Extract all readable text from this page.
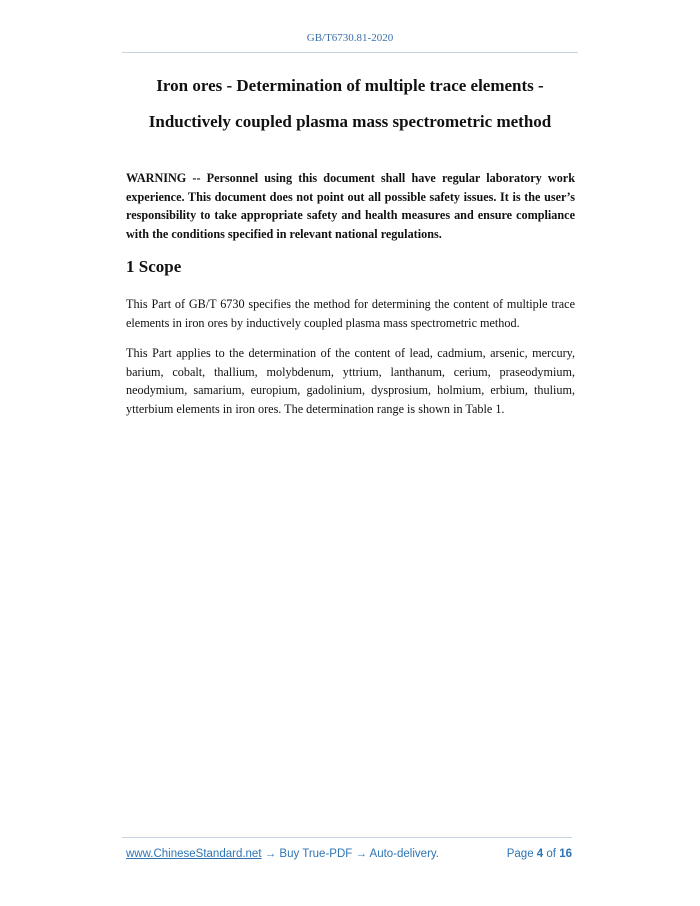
GB/T6730.81-2020
Iron ores - Determination of multiple trace elements -
Inductively coupled plasma mass spectrometric method

WARNING -- Personnel using this document shall have regular laboratory work experience. This document does not point out all possible safety issues. It is the user’s responsibility to take appropriate safety and health measures and ensure compliance with the conditions specified in relevant national regulations.

1 Scope

This Part of GB/T 6730 specifies the method for determining the content of multiple trace elements in iron ores by inductively coupled plasma mass spectrometric method.

This Part applies to the determination of the content of lead, cadmium, arsenic, mercury, barium, cobalt, thallium, molybdenum, yttrium, lanthanum, cerium, praseodymium, neodymium, samarium, europium, gadolinium, dysprosium, holmium, erbium, thulium, ytterbium elements in iron ores. The determination range is shown in Table 1.

www.ChineseStandard.net → Buy True-PDF → Auto-delivery.	Page 4 of 16
